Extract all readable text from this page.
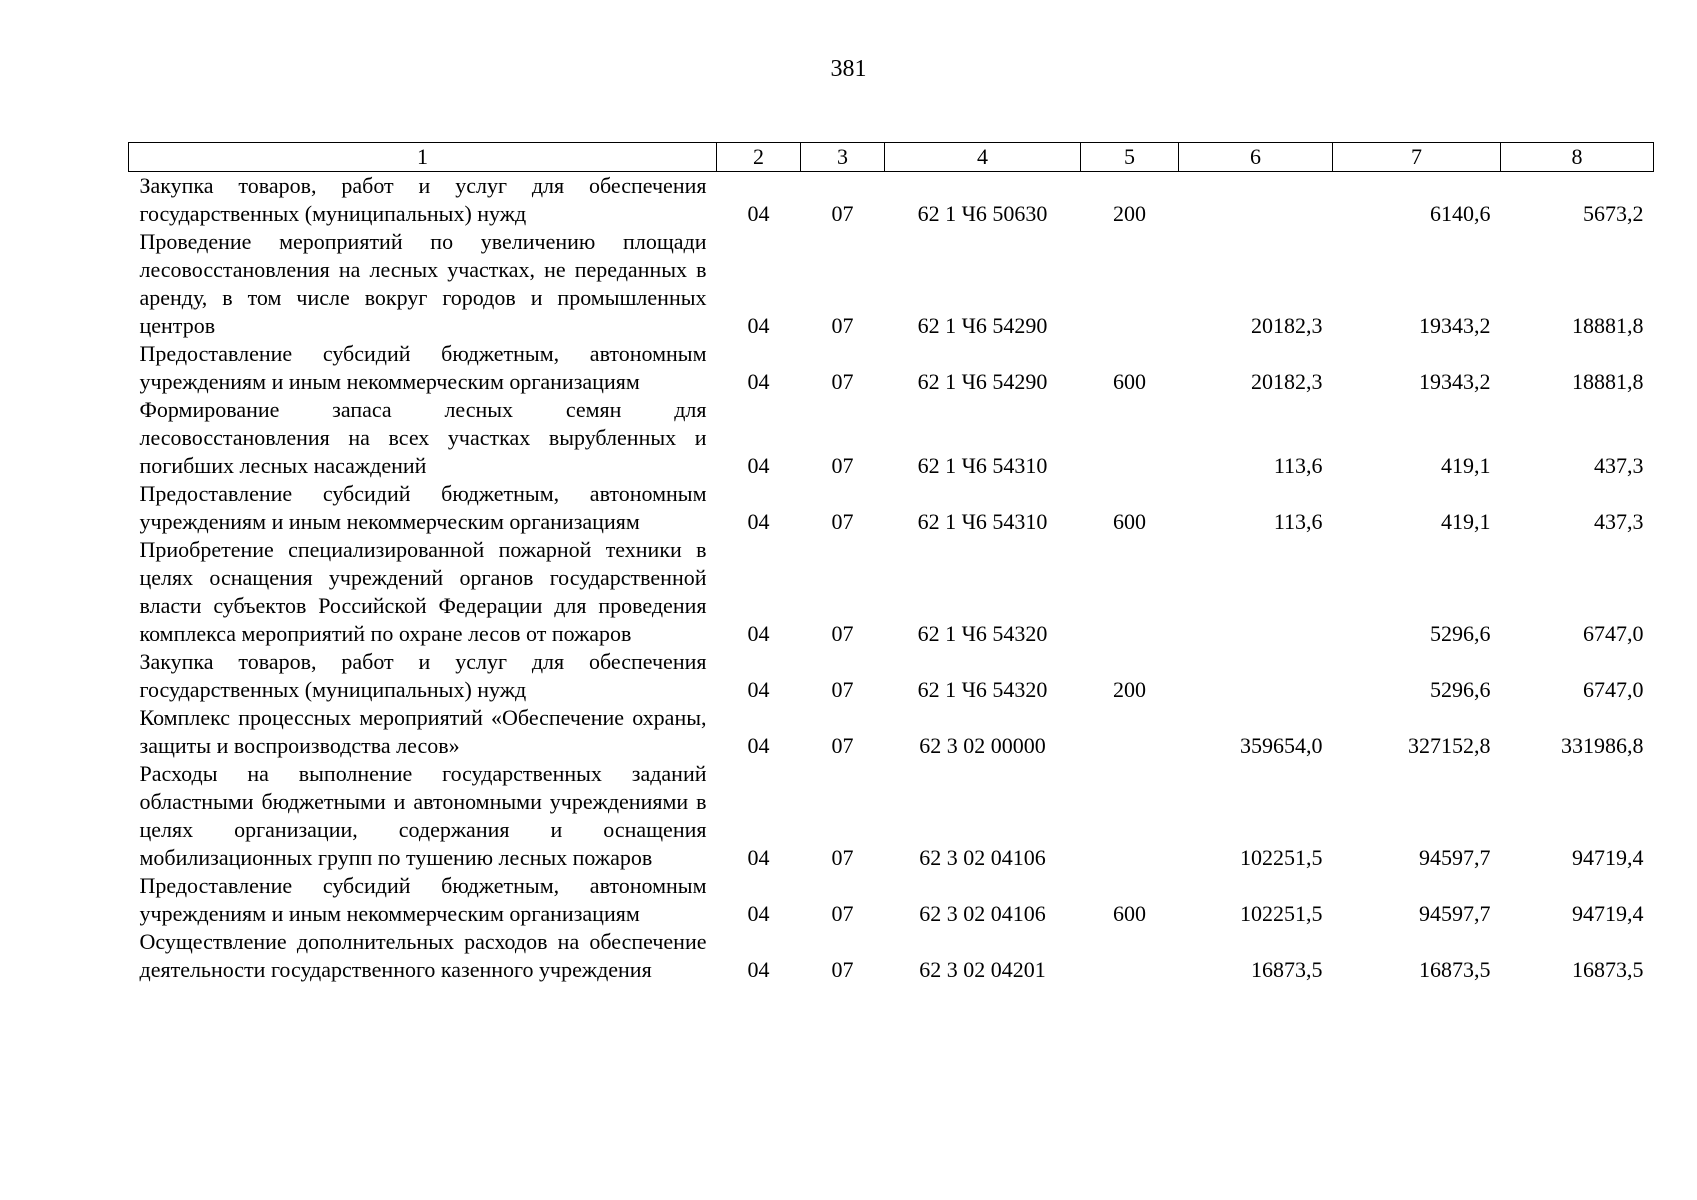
381
1	2	3	4	5	6	7	8
Закупка товаров, работ и услуг для обеспечения государственных (муниципальных) нужд	04	07	62 1 Ч6 50630	200		6140,6	5673,2
Проведение мероприятий по увеличению площади лесовосстановления на лесных участках, не переданных в аренду, в том числе вокруг городов и промышленных центров	04	07	62 1 Ч6 54290		20182,3	19343,2	18881,8
Предоставление субсидий бюджетным, автономным учреждениям и иным некоммерческим организациям	04	07	62 1 Ч6 54290	600	20182,3	19343,2	18881,8
Формирование запаса лесных семян для лесовосстановления на всех участках вырубленных и погибших лесных насаждений	04	07	62 1 Ч6 54310		113,6	419,1	437,3
Предоставление субсидий бюджетным, автономным учреждениям и иным некоммерческим организациям	04	07	62 1 Ч6 54310	600	113,6	419,1	437,3
Приобретение специализированной пожарной техники в целях оснащения учреждений органов государственной власти субъектов Российской Федерации для проведения комплекса мероприятий по охране лесов от пожаров	04	07	62 1 Ч6 54320			5296,6	6747,0
Закупка товаров, работ и услуг для обеспечения государственных (муниципальных) нужд	04	07	62 1 Ч6 54320	200		5296,6	6747,0
Комплекс процессных мероприятий «Обеспечение охраны, защиты и воспроизводства лесов»	04	07	62 3 02 00000		359654,0	327152,8	331986,8
Расходы на выполнение государственных заданий областными бюджетными и автономными учреждениями в целях организации, содержания и оснащения мобилизационных групп по тушению лесных пожаров	04	07	62 3 02 04106		102251,5	94597,7	94719,4
Предоставление субсидий бюджетным, автономным учреждениям и иным некоммерческим организациям	04	07	62 3 02 04106	600	102251,5	94597,7	94719,4
Осуществление дополнительных расходов на обеспечение деятельности государственного казенного учреждения	04	07	62 3 02 04201		16873,5	16873,5	16873,5
